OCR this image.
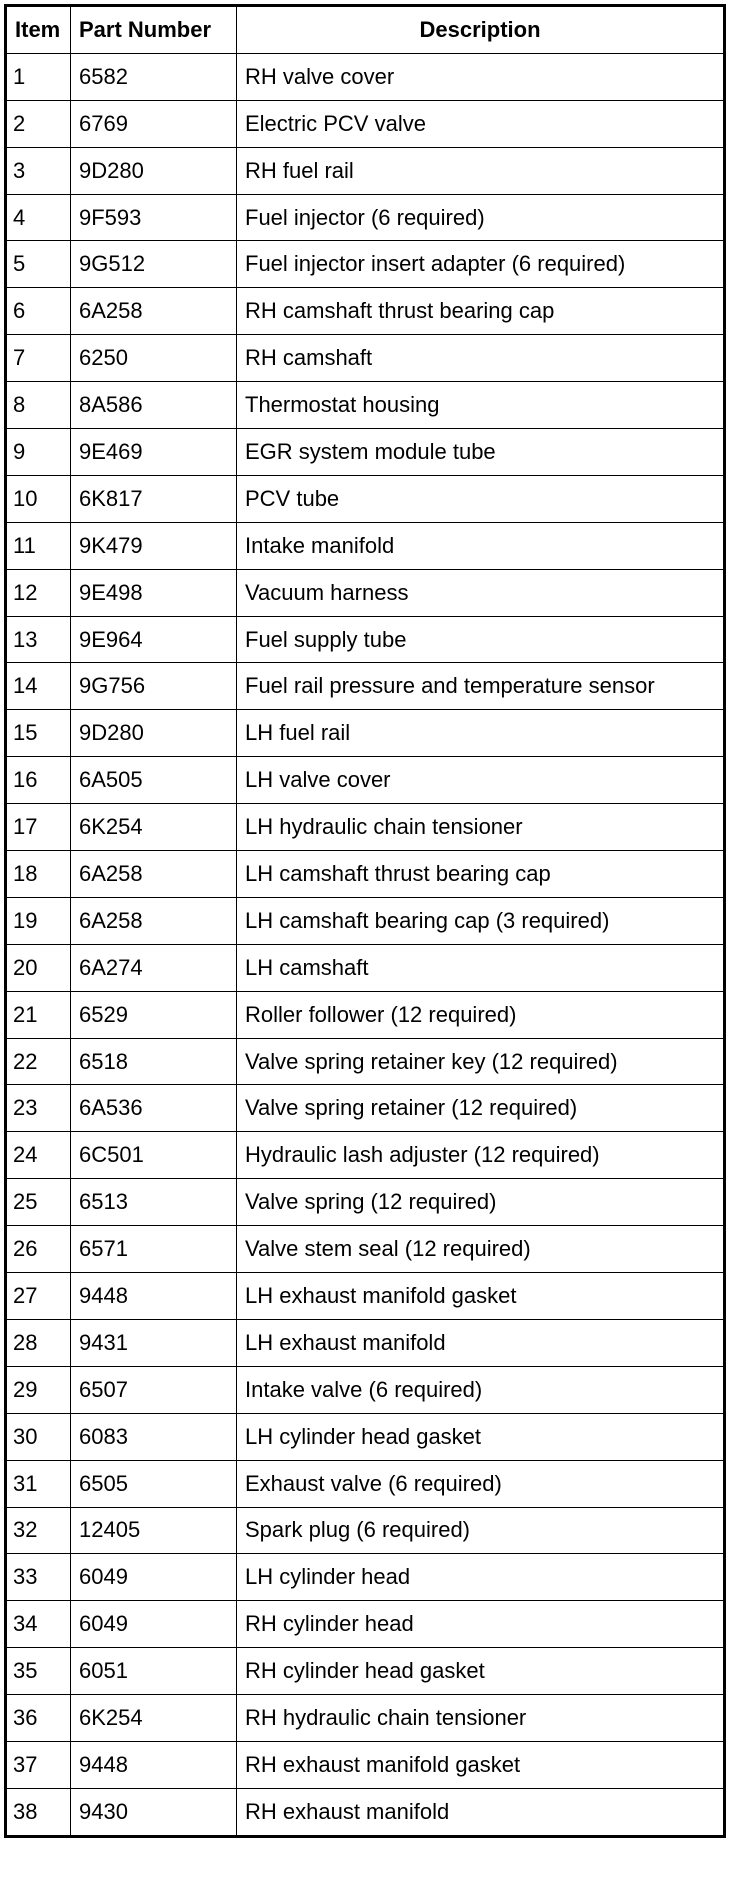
Item	Part Number	Description
1	6582	RH valve cover
2	6769	Electric PCV valve
3	9D280	RH fuel rail
4	9F593	Fuel injector (6 required)
5	9G512	Fuel injector insert adapter (6 required)
6	6A258	RH camshaft thrust bearing cap
7	6250	RH camshaft
8	8A586	Thermostat housing
9	9E469	EGR system module tube
10	6K817	PCV tube
11	9K479	Intake manifold
12	9E498	Vacuum harness
13	9E964	Fuel supply tube
14	9G756	Fuel rail pressure and temperature sensor
15	9D280	LH fuel rail
16	6A505	LH valve cover
17	6K254	LH hydraulic chain tensioner
18	6A258	LH camshaft thrust bearing cap
19	6A258	LH camshaft bearing cap (3 required)
20	6A274	LH camshaft
21	6529	Roller follower (12 required)
22	6518	Valve spring retainer key (12 required)
23	6A536	Valve spring retainer (12 required)
24	6C501	Hydraulic lash adjuster (12 required)
25	6513	Valve spring (12 required)
26	6571	Valve stem seal (12 required)
27	9448	LH exhaust manifold gasket
28	9431	LH exhaust manifold
29	6507	Intake valve (6 required)
30	6083	LH cylinder head gasket
31	6505	Exhaust valve (6 required)
32	12405	Spark plug (6 required)
33	6049	LH cylinder head
34	6049	RH cylinder head
35	6051	RH cylinder head gasket
36	6K254	RH hydraulic chain tensioner
37	9448	RH exhaust manifold gasket
38	9430	RH exhaust manifold
